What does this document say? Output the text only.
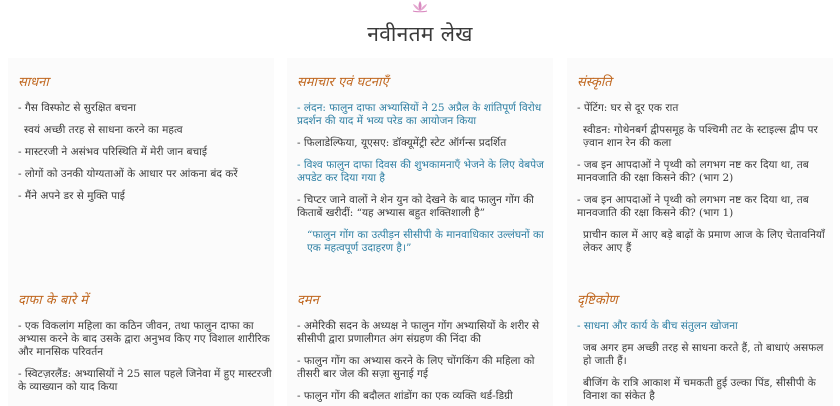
नवीनतम लेख
साधना
- गैस विस्फोट से सुरक्षित बचना
स्वयं अच्छी तरह से साधना करने का महत्व
- मास्टरजी ने असंभव परिस्थिति में मेरी जान बचाई
- लोगों को उनकी योग्यताओं के आधार पर आंकना बंद करें
- मैंने अपने डर से मुक्ति पाई
दाफा के बारे में
- एक विकलांग महिला का कठिन जीवन, तथा फालुन दाफा का अभ्यास करने के बाद उसके द्वारा अनुभव किए गए विशाल शारीरिक और मानसिक परिवर्तन
- स्विटज़रलैंड: अभ्यासियों ने 25 साल पहले जिनेवा में हुए मास्टरजी के व्याख्यान को याद किया
समाचार एवं घटनाएँ
- लंदन: फालुन दाफा अभ्यासियों ने 25 अप्रैल के शांतिपूर्ण विरोध प्रदर्शन की याद में भव्य परेड का आयोजन किया
- फिलाडेल्फिया, यूएसए: डॉक्यूमेंट्री स्टेट ऑर्गन्स प्रदर्शित
- विश्व फालुन दाफा दिवस की शुभकामनाएँ भेजने के लिए वेबपेज अपडेट कर दिया गया है
- चिप्टर जाने वालों ने शेन युन को देखने के बाद फालुन गोंग की किताबें खरीदीं: “यह अभ्यास बहुत शक्तिशाली है”
“फालुन गोंग का उत्पीड़न सीसीपी के मानवाधिकार उल्लंघनों का एक महत्वपूर्ण उदाहरण है।”
दमन
- अमेरिकी सदन के अध्यक्ष ने फालुन गोंग अभ्यासियों के शरीर से सीसीपी द्वारा प्रणालीगत अंग संग्रहण की निंदा की
- फालुन गोंग का अभ्यास करने के लिए चोंगकिंग की महिला को तीसरी बार जेल की सज़ा सुनाई गई
- फालुन गोंग की बदौलत शांडोंग का एक व्यक्ति थर्ड-डिग्री
संस्कृति
- पेंटिंग: घर से दूर एक रात
स्वीडन: गोथेनबर्ग द्वीपसमूह के पश्चिमी तट के स्टाइल्स द्वीप पर ज़्वान शान रेन की कला
- जब इन आपदाओं ने पृथ्वी को लगभग नष्ट कर दिया था, तब मानवजाति की रक्षा किसने की? (भाग 2)
- जब इन आपदाओं ने पृथ्वी को लगभग नष्ट कर दिया था, तब मानवजाति की रक्षा किसने की? (भाग 1)
प्राचीन काल में आए बड़े बाढ़ों के प्रमाण आज के लिए चेतावनियाँ लेकर आए हैं
दृष्टिकोण
- साधना और कार्य के बीच संतुलन खोजना
जब अगर हम अच्छी तरह से साधना करते हैं, तो बाधाएं असफल हो जाती हैं।
बीजिंग के रात्रि आकाश में चमकती हुई उल्का पिंड, सीसीपी के विनाश का संकेत है
